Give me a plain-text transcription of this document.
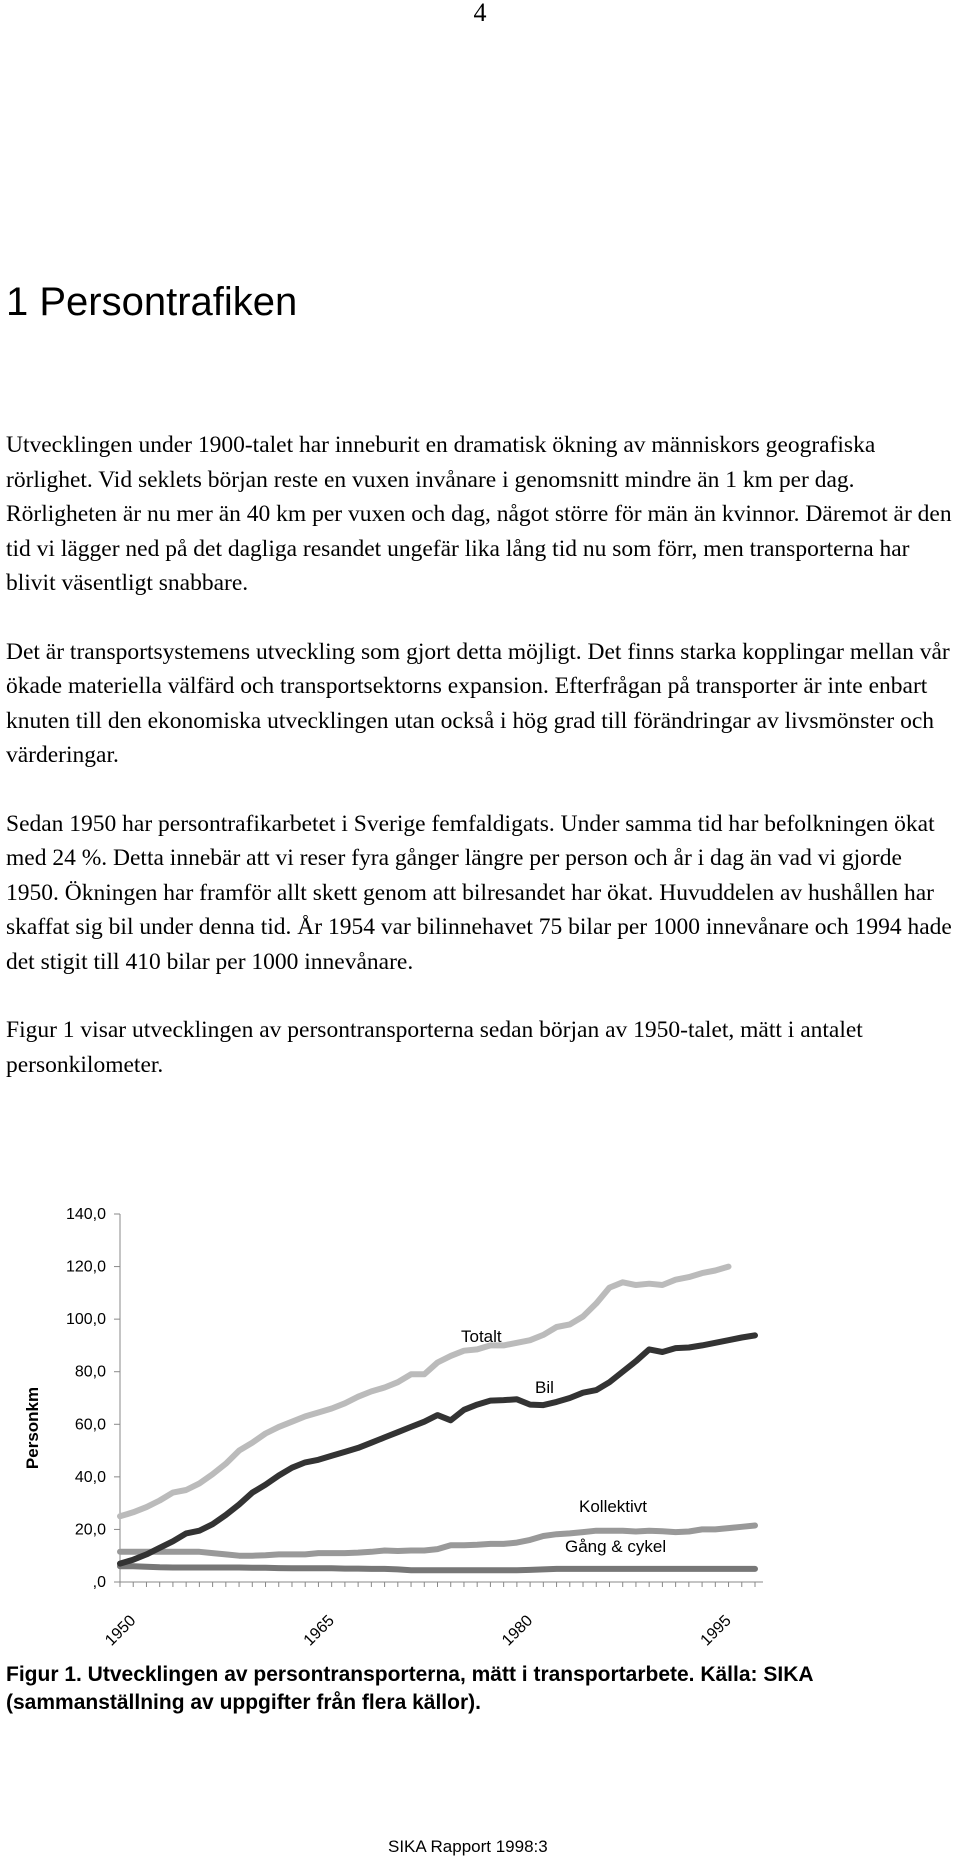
4
1 Persontrafiken

Utvecklingen under 1900-talet har inneburit en dramatisk ökning av människors geografiska rörlighet. Vid seklets början reste en vuxen invånare i genomsnitt mindre än 1 km per dag. Rörligheten är nu mer än 40 km per vuxen och dag, något större för män än kvinnor. Däremot är den tid vi lägger ned på det dagliga resandet ungefär lika lång tid nu som förr, men transporterna har blivit väsentligt snabbare.

Det är transportsystemens utveckling som gjort detta möjligt. Det finns starka kopplingar mellan vår ökade materiella välfärd och transportsektorns expansion. Efterfrågan på transporter är inte enbart knuten till den ekonomiska utvecklingen utan också i hög grad till förändringar av livsmönster och värderingar.

Sedan 1950 har persontrafikarbetet i Sverige femfaldigats. Under samma tid har befolkningen ökat med 24 %. Detta innebär att vi reser fyra gånger längre per person och år i dag än vad vi gjorde 1950. Ökningen har framför allt skett genom att bilresandet har ökat. Huvuddelen av hushållen har skaffat sig bil under denna tid. År 1954 var bilinnehavet 75 bilar per 1000 innevånare och 1994 hade det stigit till 410 bilar per 1000 innevånare.

Figur 1 visar utvecklingen av persontransporterna sedan början av 1950-talet, mätt i antalet personkilometer.

,0
20,0
40,0
60,0
80,0
100,0
120,0
140,0
1950	1965	1980	1995
Personkm
Totalt
Bil
Kollektivt
Gång & cykel
Figur 1. Utvecklingen av persontransporterna, mätt i transportarbete. Källa: SIKA (sammanställning av uppgifter från flera källor).
SIKA Rapport 1998:3
